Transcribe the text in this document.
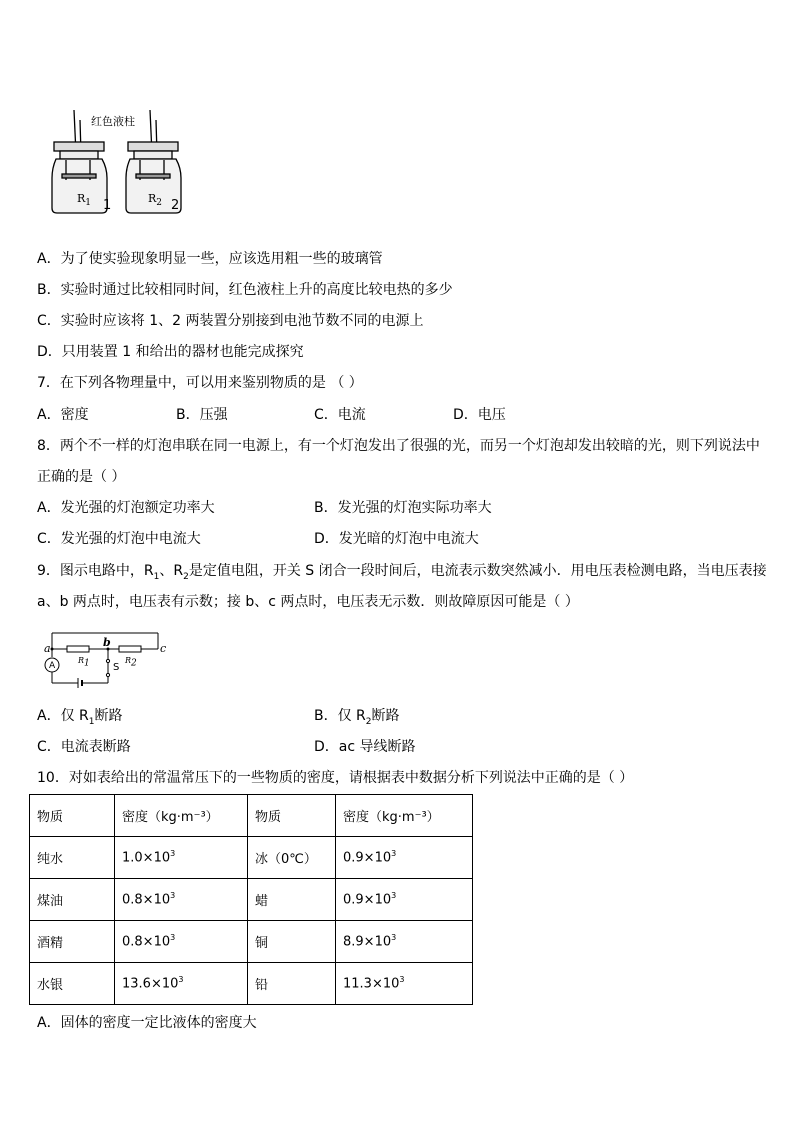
红色液柱
$R_1$	$R_2$
1	2
A．为了使实验现象明显一些，应该选用粗一些的玻璃管
B．实验时通过比较相同时间，红色液柱上升的高度比较电热的多少
C．实验时应该将 1、2 两装置分别接到电池节数不同的电源上
D．只用装置 1 和给出的器材也能完成探究
7．在下列各物理量中，可以用来鉴别物质的是 （ ）
A．密度	B．压强	C．电流	D．电压
8．两个不一样的灯泡串联在同一电源上，有一个灯泡发出了很强的光，而另一个灯泡却发出较暗的光，则下列说法中
正确的是（ ）
A．发光强的灯泡额定功率大	B．发光强的灯泡实际功率大
C．发光强的灯泡中电流大	D．发光暗的灯泡中电流大
9．图示电路中，$R_1$、$R_2$是定值电阻，开关 S 闭合一段时间后，电流表示数突然减小．用电压表检测电路，当电压表接
a、b 两点时，电压表有示数；接 b、c 两点时，电压表无示数．则故障原因可能是（ ）
a	b	c
A
$R_1$	$R_2$
S
A．仅 $R_1$断路	B．仅 $R_2$断路
C．电流表断路	D．ac 导线断路
10．对如表给出的常温常压下的一些物质的密度，请根据表中数据分析下列说法中正确的是（ ）
物质	密度（kg·m⁻³）	物质	密度（kg·m⁻³）
纯水	$1.0\times 10^3$	冰（0℃）	$0.9\times 10^3$
煤油	$0.8\times 10^3$	蜡	$0.9\times 10^3$
酒精	$0.8\times 10^3$	铜	$8.9\times 10^3$
水银	$13.6\times 10^3$	铅	$11.3\times 10^3$
A．固体的密度一定比液体的密度大
